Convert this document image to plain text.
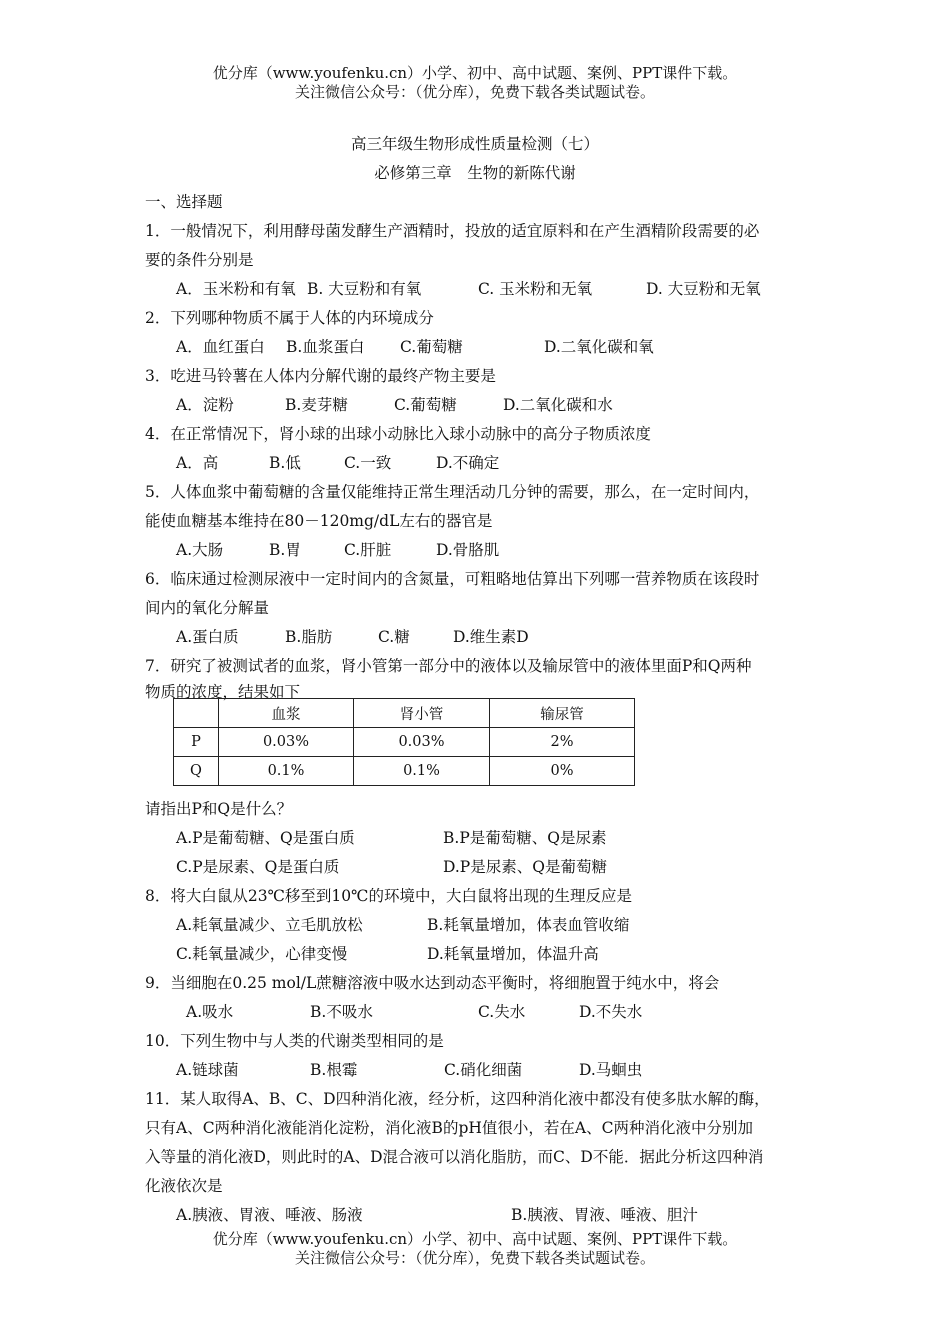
优分库（www.youfenku.cn）小学、初中、高中试题、案例、PPT课件下载。
关注微信公众号：（优分库），免费下载各类试题试卷。
高三年级生物形成性质量检测（七）
必修第三章　生物的新陈代谢
一、选择题
1．一般情况下，利用酵母菌发酵生产酒精时，投放的适宜原料和在产生酒精阶段需要的必
要的条件分别是
A．玉米粉和有氧 B. 大豆粉和有氧	C. 玉米粉和无氧	D. 大豆粉和无氧
2．下列哪种物质不属于人体的内环境成分
A．血红蛋白 B.血浆蛋白 C.葡萄糖	D.二氧化碳和氧
3．吃进马铃薯在人体内分解代谢的最终产物主要是
A．淀粉	B.麦芽糖	C.葡萄糖	D.二氧化碳和水
4．在正常情况下，肾小球的出球小动脉比入球小动脉中的高分子物质浓度
A．高	B.低	C.一致	D.不确定
5．人体血浆中葡萄糖的含量仅能维持正常生理活动几分钟的需要，那么，在一定时间内，
能使血糖基本维持在80－120mg/dL左右的器官是
A.大肠	B.胃	C.肝脏	D.骨胳肌
6．临床通过检测尿液中一定时间内的含氮量，可粗略地估算出下列哪一营养物质在该段时
间内的氧化分解量
A.蛋白质	B.脂肪	C.糖	D.维生素D
7．研究了被测试者的血浆，肾小管第一部分中的液体以及输尿管中的液体里面P和Q两种
物质的浓度，结果如下
	血浆	肾小管	输尿管
P	0.03%	0.03%	2%
Q	0.1%	0.1%	0%
请指出P和Q是什么？
A.P是葡萄糖、Q是蛋白质	B.P是葡萄糖、Q是尿素
C.P是尿素、Q是蛋白质	D.P是尿素、Q是葡萄糖
8．将大白鼠从23℃移至到10℃的环境中，大白鼠将出现的生理反应是
A.耗氧量减少、立毛肌放松	B.耗氧量增加，体表血管收缩
C.耗氧量减少，心律变慢	D.耗氧量增加，体温升高
9．当细胞在0.25 mol/L蔗糖溶液中吸水达到动态平衡时，将细胞置于纯水中，将会
A.吸水	B.不吸水	C.失水	D.不失水
10．下列生物中与人类的代谢类型相同的是
A.链球菌	B.根霉	C.硝化细菌	D.马蛔虫
11．某人取得A、B、C、D四种消化液，经分析，这四种消化液中都没有使多肽水解的酶，
只有A、C两种消化液能消化淀粉，消化液B的pH值很小，若在A、C两种消化液中分别加
入等量的消化液D，则此时的A、D混合液可以消化脂肪，而C、D不能．据此分析这四种消
化液依次是
A.胰液、胃液、唾液、肠液	B.胰液、胃液、唾液、胆汁
优分库（www.youfenku.cn）小学、初中、高中试题、案例、PPT课件下载。
关注微信公众号：（优分库），免费下载各类试题试卷。
